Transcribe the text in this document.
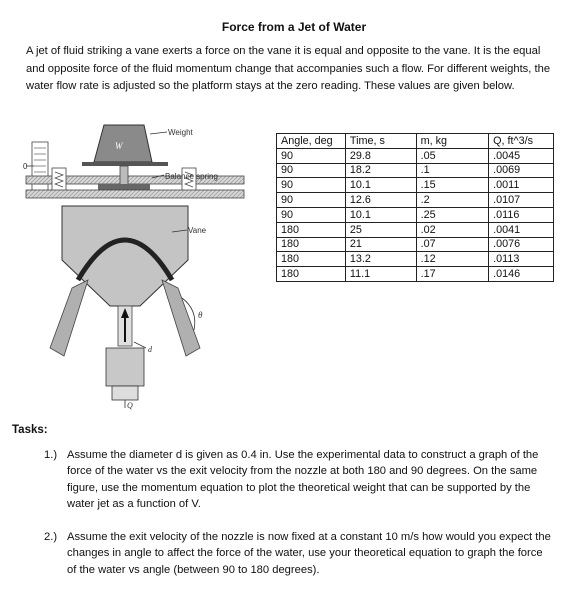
Force from a Jet of Water
A jet of fluid striking a vane exerts a force on the vane it is equal and opposite to the vane. It is the equal and opposite force of the fluid momentum change that accompanies such a flow. For different weights, the water flow rate is adjusted so the platform stays at the zero reading. These values are given below.
W
Weight
0
Balance spring
Vane
θ
d
Q
Angle, deg	Time, s	m, kg	Q, ft^3/s
90	29.8	.05	.0045
90	18.2	.1	.0069
90	10.1	.15	.0011
90	12.6	.2	.0107
90	10.1	.25	.0116
180	25	.02	.0041
180	21	.07	.0076
180	13.2	.12	.0113
180	11.1	.17	.0146
Tasks:
1.) Assume the diameter d is given as 0.4 in. Use the experimental data to construct a graph of the force of the water vs the exit velocity from the nozzle at both 180 and 90 degrees. On the same figure, use the momentum equation to plot the theoretical weight that can be supported by the water jet as a function of V.
2.) Assume the exit velocity of the nozzle is now fixed at a constant 10 m/s how would you expect the changes in angle to affect the force of the water, use your theoretical equation to graph the force of the water vs angle (between 90 to 180 degrees).
